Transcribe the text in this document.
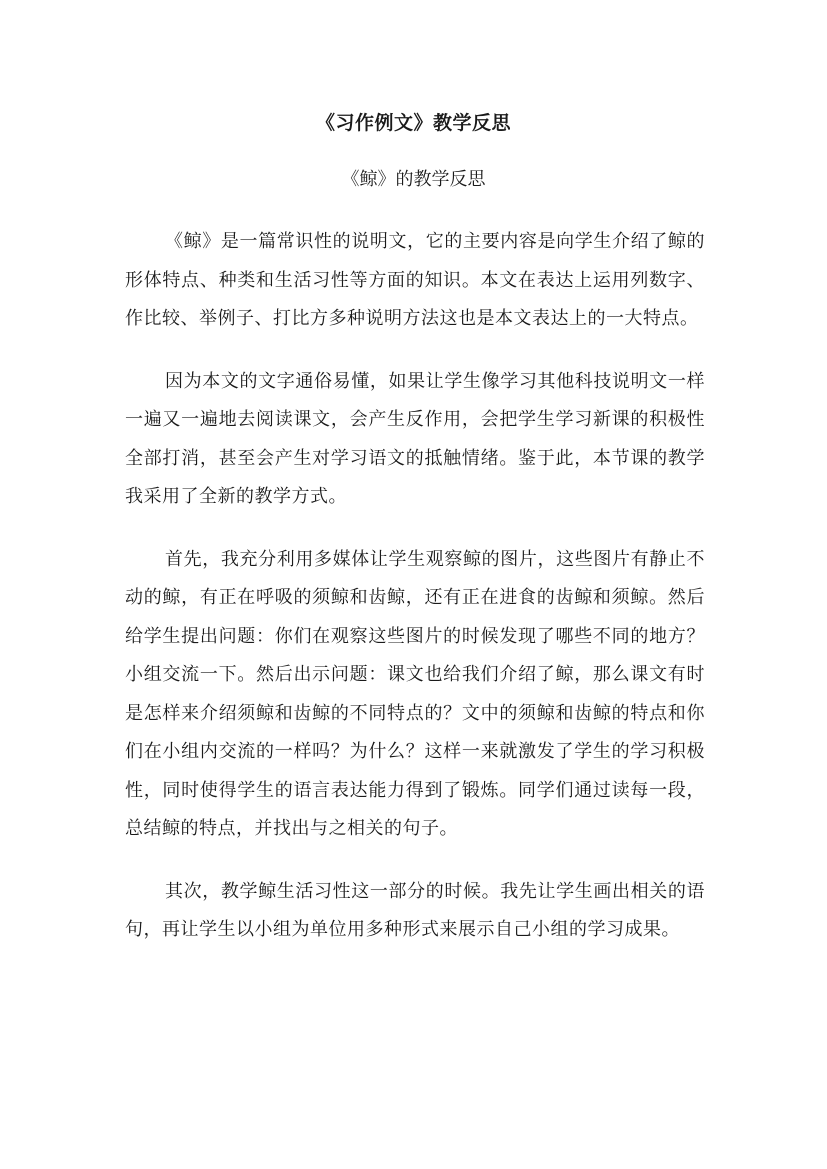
《习作例文》教学反思
《鲸》的教学反思

《鲸》是一篇常识性的说明文，它的主要内容是向学生介绍了鲸的形体特点、种类和生活习性等方面的知识。本文在表达上运用列数字、作比较、举例子、打比方多种说明方法这也是本文表达上的一大特点。

因为本文的文字通俗易懂，如果让学生像学习其他科技说明文一样一遍又一遍地去阅读课文，会产生反作用，会把学生学习新课的积极性全部打消，甚至会产生对学习语文的抵触情绪。鉴于此，本节课的教学我采用了全新的教学方式。

首先，我充分利用多媒体让学生观察鲸的图片，这些图片有静止不动的鲸，有正在呼吸的须鲸和齿鲸，还有正在进食的齿鲸和须鲸。然后给学生提出问题：你们在观察这些图片的时候发现了哪些不同的地方？小组交流一下。然后出示问题：课文也给我们介绍了鲸，那么课文有时是怎样来介绍须鲸和齿鲸的不同特点的？文中的须鲸和齿鲸的特点和你们在小组内交流的一样吗？为什么？这样一来就激发了学生的学习积极性，同时使得学生的语言表达能力得到了锻炼。同学们通过读每一段，总结鲸的特点，并找出与之相关的句子。

其次，教学鲸生活习性这一部分的时候。我先让学生画出相关的语句，再让学生以小组为单位用多种形式来展示自己小组的学习成果。
